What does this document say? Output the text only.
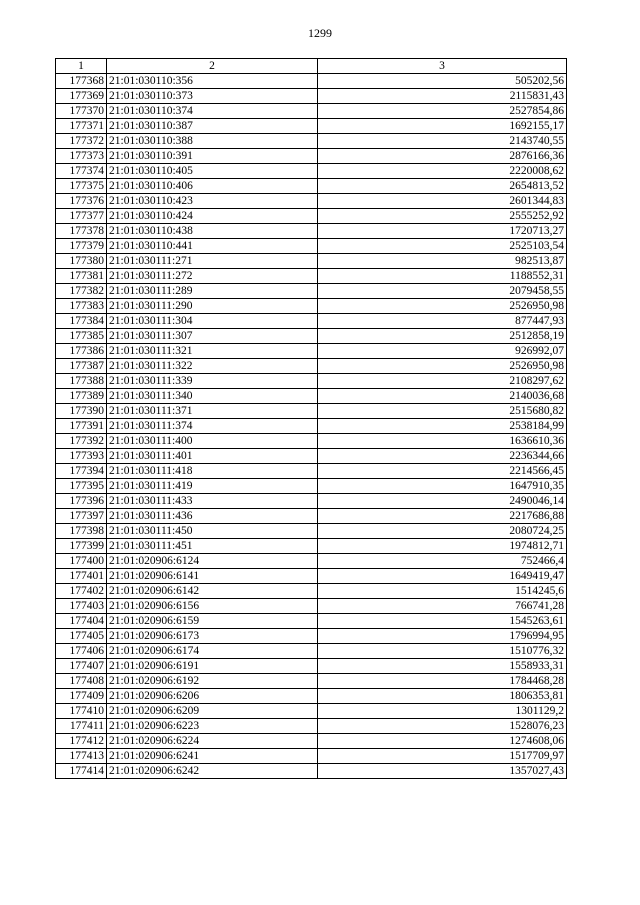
1299
1	2	3
177368	21:01:030110:356	505202,56
177369	21:01:030110:373	2115831,43
177370	21:01:030110:374	2527854,86
177371	21:01:030110:387	1692155,17
177372	21:01:030110:388	2143740,55
177373	21:01:030110:391	2876166,36
177374	21:01:030110:405	2220008,62
177375	21:01:030110:406	2654813,52
177376	21:01:030110:423	2601344,83
177377	21:01:030110:424	2555252,92
177378	21:01:030110:438	1720713,27
177379	21:01:030110:441	2525103,54
177380	21:01:030111:271	982513,87
177381	21:01:030111:272	1188552,31
177382	21:01:030111:289	2079458,55
177383	21:01:030111:290	2526950,98
177384	21:01:030111:304	877447,93
177385	21:01:030111:307	2512858,19
177386	21:01:030111:321	926992,07
177387	21:01:030111:322	2526950,98
177388	21:01:030111:339	2108297,62
177389	21:01:030111:340	2140036,68
177390	21:01:030111:371	2515680,82
177391	21:01:030111:374	2538184,99
177392	21:01:030111:400	1636610,36
177393	21:01:030111:401	2236344,66
177394	21:01:030111:418	2214566,45
177395	21:01:030111:419	1647910,35
177396	21:01:030111:433	2490046,14
177397	21:01:030111:436	2217686,88
177398	21:01:030111:450	2080724,25
177399	21:01:030111:451	1974812,71
177400	21:01:020906:6124	752466,4
177401	21:01:020906:6141	1649419,47
177402	21:01:020906:6142	1514245,6
177403	21:01:020906:6156	766741,28
177404	21:01:020906:6159	1545263,61
177405	21:01:020906:6173	1796994,95
177406	21:01:020906:6174	1510776,32
177407	21:01:020906:6191	1558933,31
177408	21:01:020906:6192	1784468,28
177409	21:01:020906:6206	1806353,81
177410	21:01:020906:6209	1301129,2
177411	21:01:020906:6223	1528076,23
177412	21:01:020906:6224	1274608,06
177413	21:01:020906:6241	1517709,97
177414	21:01:020906:6242	1357027,43
